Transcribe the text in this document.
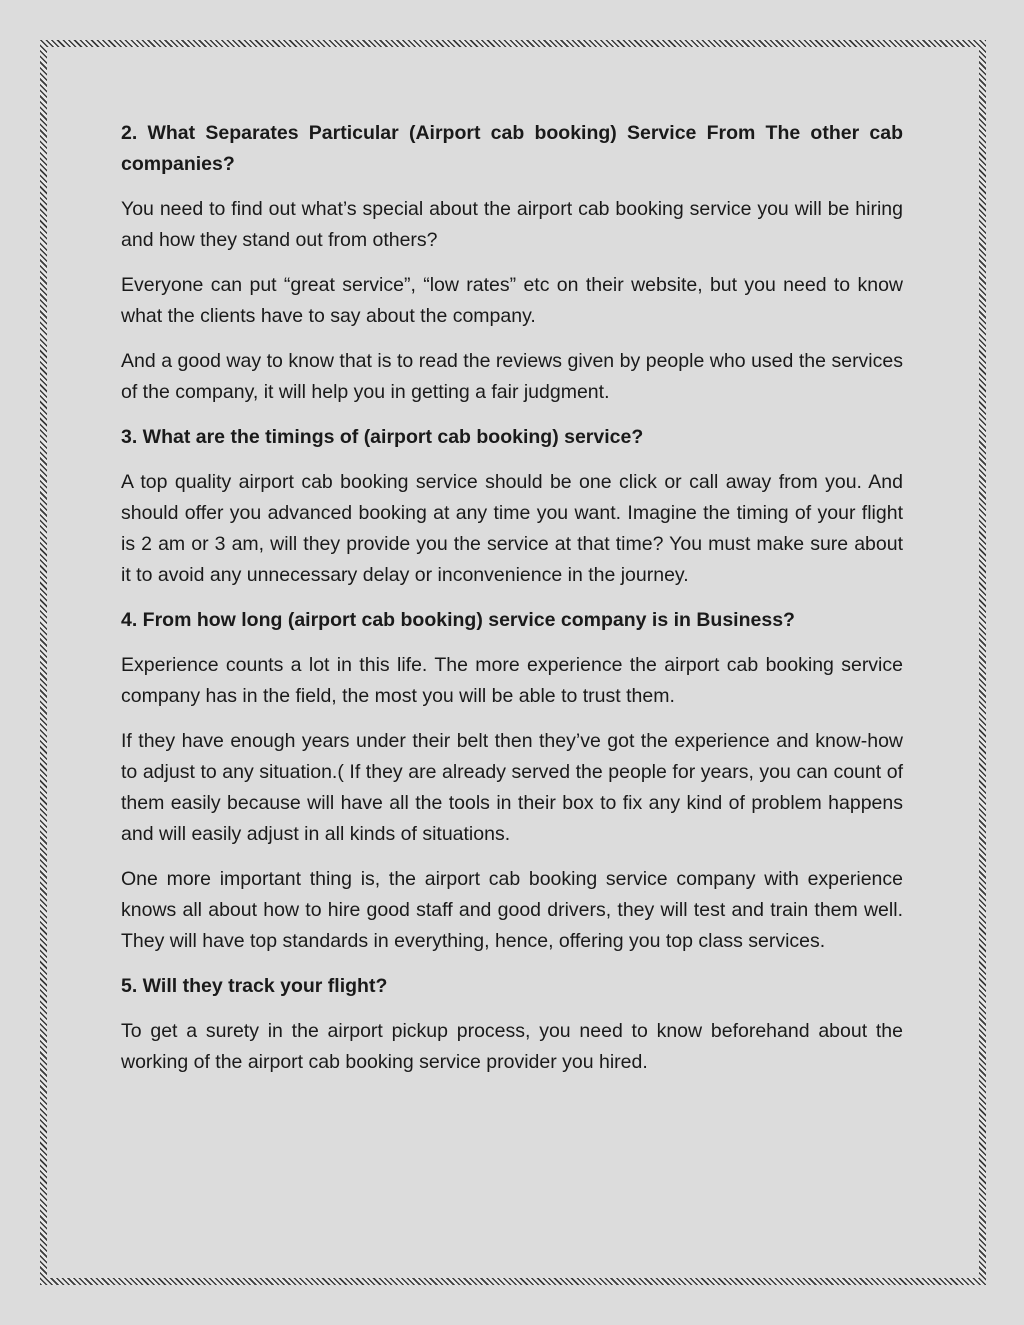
2. What Separates Particular (Airport cab booking) Service From The other cab companies?

You need to find out what’s special about the airport cab booking service you will be hiring and how they stand out from others?

Everyone can put “great service”, “low rates” etc on their website, but you need to know what the clients have to say about the company.

And a good way to know that is to read the reviews given by people who used the services of the company, it will help you in getting a fair judgment.

3. What are the timings of (airport cab booking) service?

A top quality airport cab booking service should be one click or call away from you. And should offer you advanced booking at any time you want. Imagine the timing of your flight is 2 am or 3 am, will they provide you the service at that time? You must make sure about it to avoid any unnecessary delay or inconvenience in the journey.

4. From how long (airport cab booking) service company is in Business?

Experience counts a lot in this life. The more experience the airport cab booking service company has in the field, the most you will be able to trust them.

If they have enough years under their belt then they’ve got the experience and know-how to adjust to any situation.( If they are already served the people for years, you can count of them easily because will have all the tools in their box to fix any kind of problem happens and will easily adjust in all kinds of situations.

One more important thing is, the airport cab booking service company with experience knows all about how to hire good staff and good drivers, they will test and train them well. They will have top standards in everything, hence, offering you top class services.

5. Will they track your flight?

To get a surety in the airport pickup process, you need to know beforehand about the working of the airport cab booking service provider you hired.
